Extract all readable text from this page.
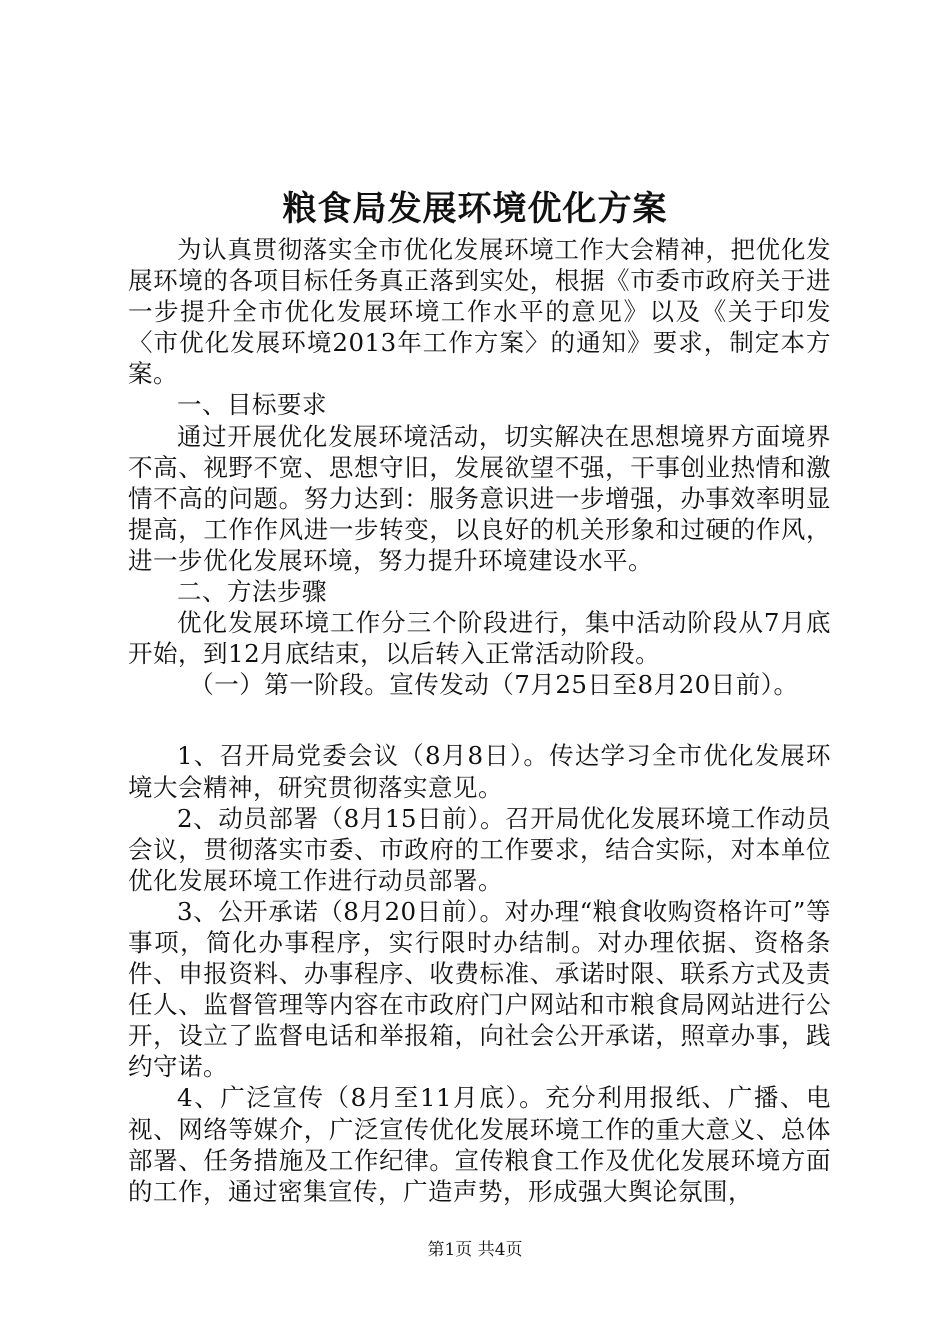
粮食局发展环境优化方案

为认真贯彻落实全市优化发展环境工作大会精神，把优化发展环境的各项目标任务真正落到实处，根据《市委市政府关于进一步提升全市优化发展环境工作水平的意见》以及《关于印发〈市优化发展环境2013年工作方案〉的通知》要求，制定本方案。

一、目标要求

通过开展优化发展环境活动，切实解决在思想境界方面境界不高、视野不宽、思想守旧，发展欲望不强，干事创业热情和激情不高的问题。努力达到：服务意识进一步增强，办事效率明显提高，工作作风进一步转变，以良好的机关形象和过硬的作风，进一步优化发展环境，努力提升环境建设水平。

二、方法步骤

优化发展环境工作分三个阶段进行，集中活动阶段从7月底开始，到12月底结束，以后转入正常活动阶段。

（一）第一阶段。宣传发动（7月25日至8月20日前）。

1、召开局党委会议（8月8日）。传达学习全市优化发展环境大会精神，研究贯彻落实意见。

2、动员部署（8月15日前）。召开局优化发展环境工作动员会议，贯彻落实市委、市政府的工作要求，结合实际，对本单位优化发展环境工作进行动员部署。

3、公开承诺（8月20日前）。对办理“粮食收购资格许可”等事项，简化办事程序，实行限时办结制。对办理依据、资格条件、申报资料、办事程序、收费标准、承诺时限、联系方式及责任人、监督管理等内容在市政府门户网站和市粮食局网站进行公开，设立了监督电话和举报箱，向社会公开承诺，照章办事，践约守诺。

4、广泛宣传（8月至11月底）。充分利用报纸、广播、电视、网络等媒介，广泛宣传优化发展环境工作的重大意义、总体部署、任务措施及工作纪律。宣传粮食工作及优化发展环境方面的工作，通过密集宣传，广造声势，形成强大舆论氛围，

第1页 共4页
